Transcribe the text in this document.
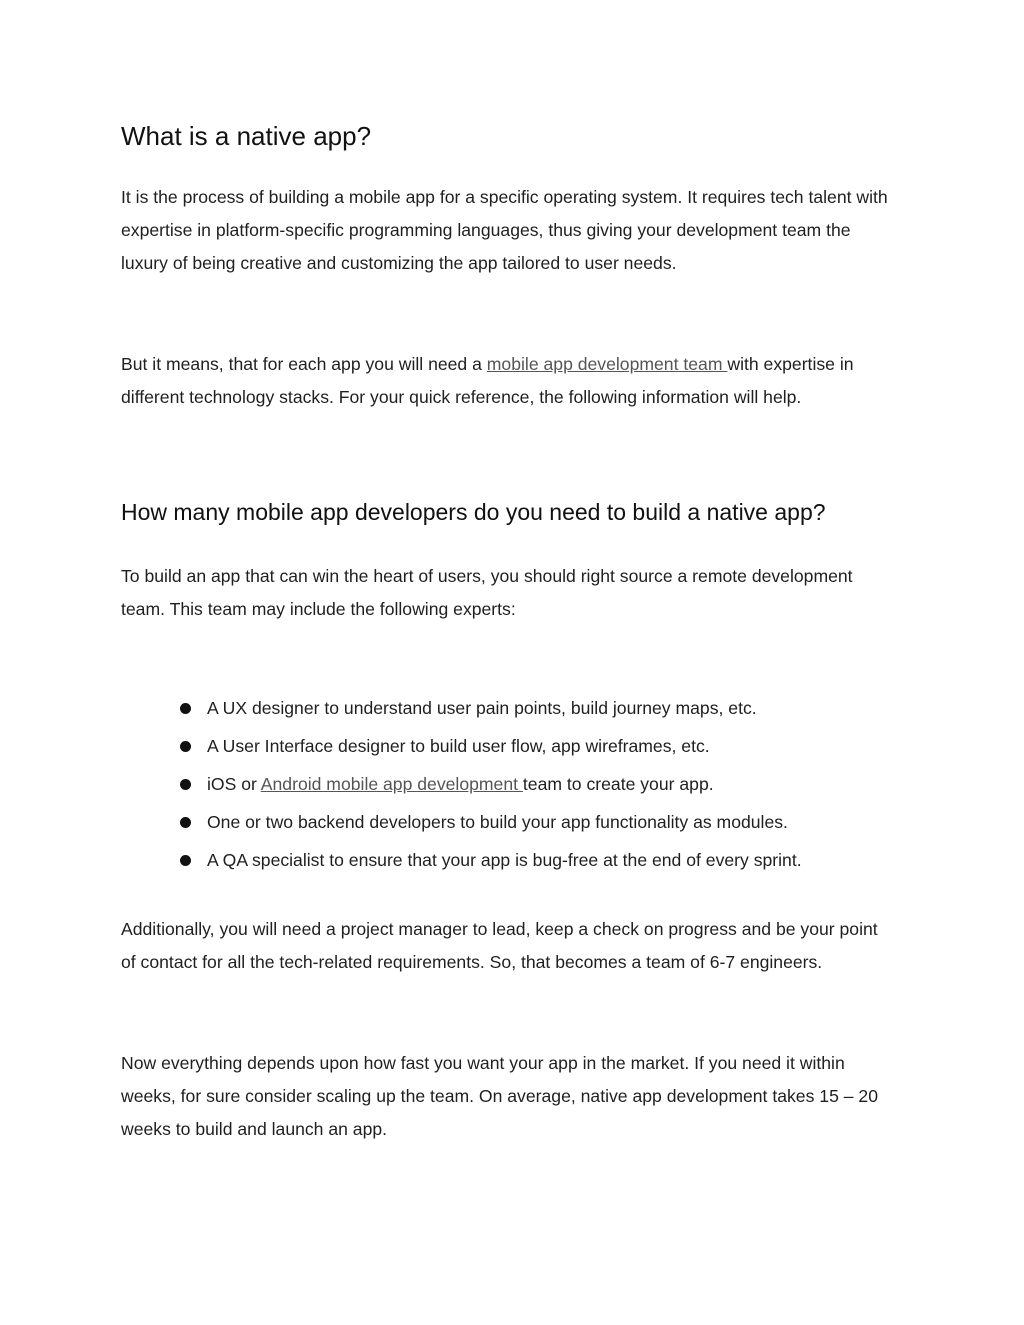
What is a native app?

It is the process of building a mobile app for a specific operating system. It requires tech talent with expertise in platform-specific programming languages, thus giving your development team the luxury of being creative and customizing the app tailored to user needs.

But it means, that for each app you will need a mobile app development team with expertise in different technology stacks. For your quick reference, the following information will help.

How many mobile app developers do you need to build a native app?

To build an app that can win the heart of users, you should right source a remote development team. This team may include the following experts:

A UX designer to understand user pain points, build journey maps, etc.
A User Interface designer to build user flow, app wireframes, etc.
iOS or Android mobile app development team to create your app.
One or two backend developers to build your app functionality as modules.
A QA specialist to ensure that your app is bug-free at the end of every sprint.

Additionally, you will need a project manager to lead, keep a check on progress and be your point of contact for all the tech-related requirements. So, that becomes a team of 6-7 engineers.

Now everything depends upon how fast you want your app in the market. If you need it within weeks, for sure consider scaling up the team. On average, native app development takes 15 – 20 weeks to build and launch an app.
